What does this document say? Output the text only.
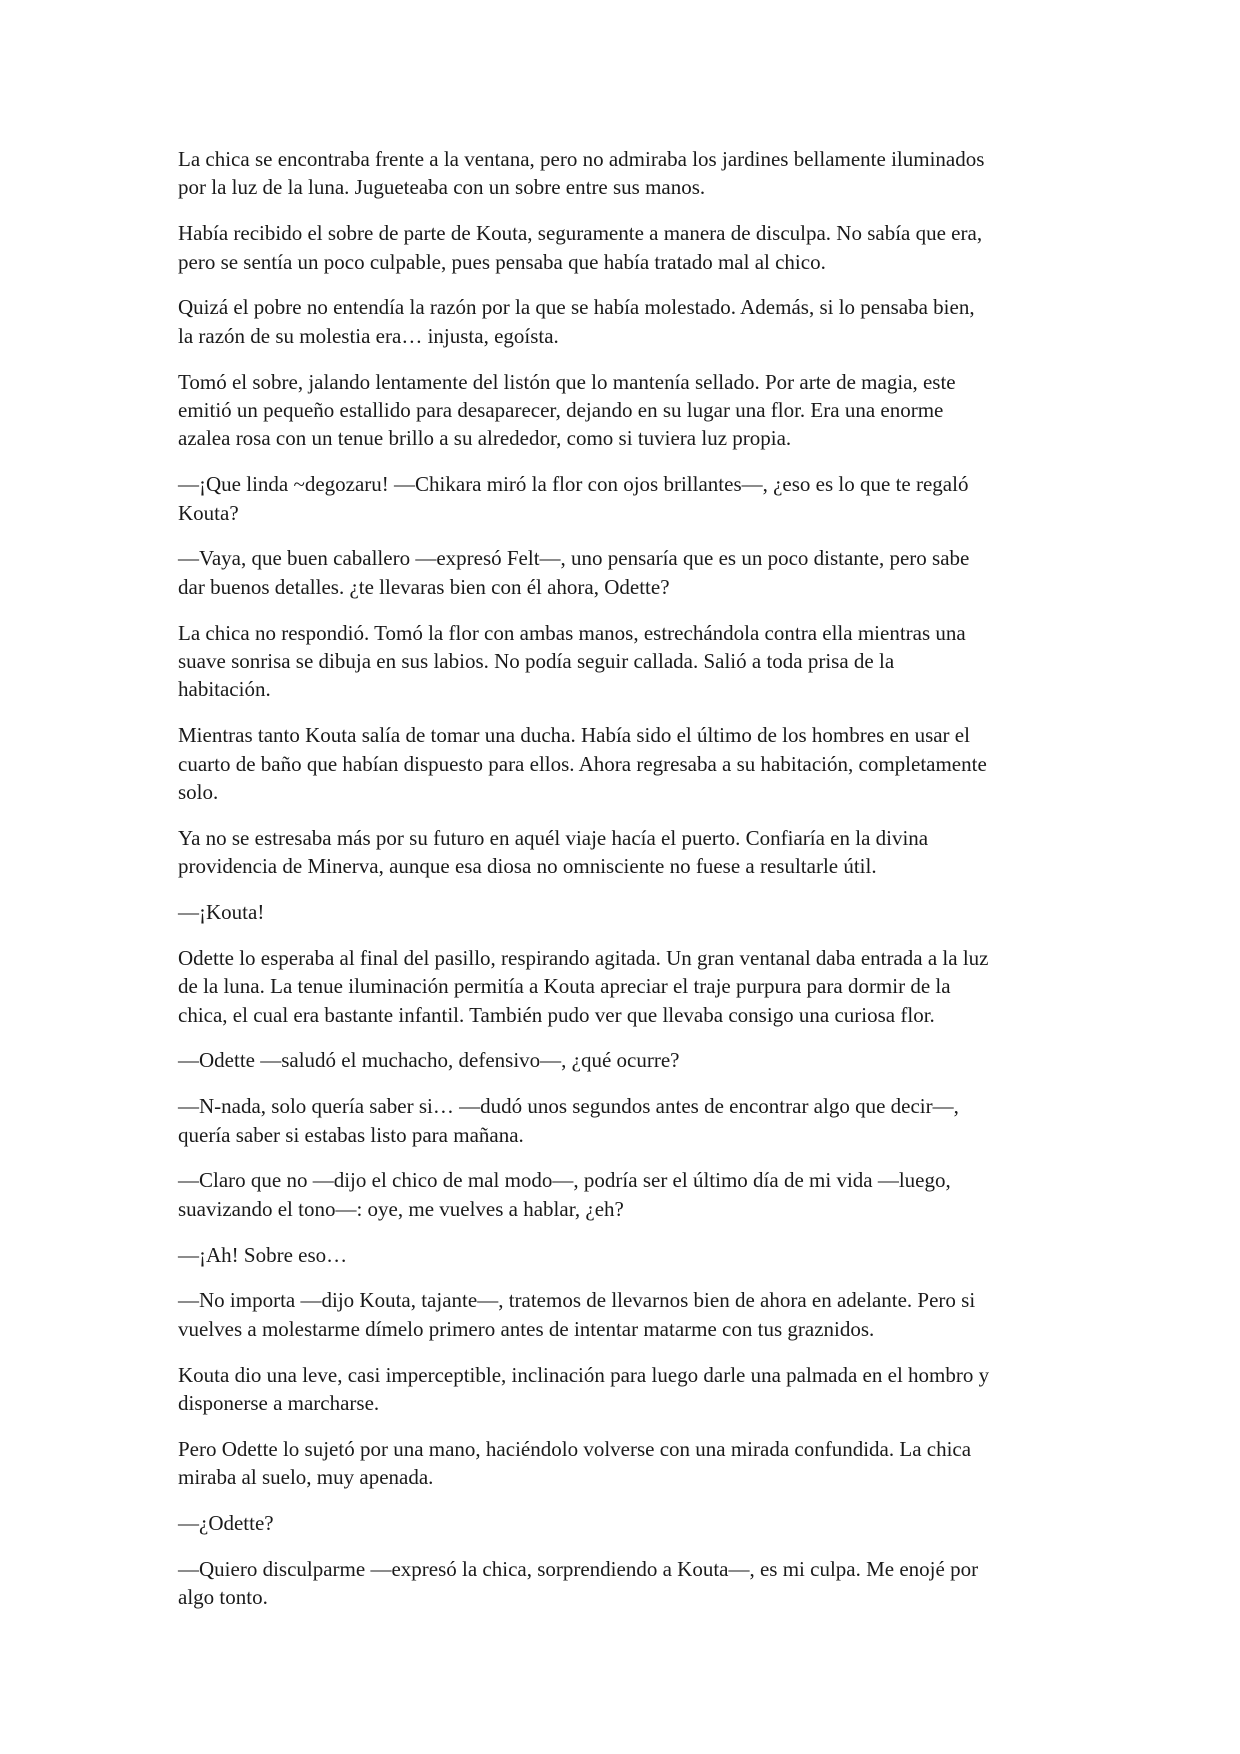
La chica se encontraba frente a la ventana, pero no admiraba los jardines bellamente iluminados
por la luz de la luna. Jugueteaba con un sobre entre sus manos.

Había recibido el sobre de parte de Kouta, seguramente a manera de disculpa. No sabía que era,
pero se sentía un poco culpable, pues pensaba que había tratado mal al chico.

Quizá el pobre no entendía la razón por la que se había molestado. Además, si lo pensaba bien,
la razón de su molestia era… injusta, egoísta.

Tomó el sobre, jalando lentamente del listón que lo mantenía sellado. Por arte de magia, este
emitió un pequeño estallido para desaparecer, dejando en su lugar una flor. Era una enorme
azalea rosa con un tenue brillo a su alrededor, como si tuviera luz propia.

—¡Que linda ~degozaru! —Chikara miró la flor con ojos brillantes—, ¿eso es lo que te regaló
Kouta?

—Vaya, que buen caballero —expresó Felt—, uno pensaría que es un poco distante, pero sabe
dar buenos detalles. ¿te llevaras bien con él ahora, Odette?

La chica no respondió. Tomó la flor con ambas manos, estrechándola contra ella mientras una
suave sonrisa se dibuja en sus labios. No podía seguir callada. Salió a toda prisa de la
habitación.

Mientras tanto Kouta salía de tomar una ducha. Había sido el último de los hombres en usar el
cuarto de baño que habían dispuesto para ellos. Ahora regresaba a su habitación, completamente
solo.

Ya no se estresaba más por su futuro en aquél viaje hacía el puerto. Confiaría en la divina
providencia de Minerva, aunque esa diosa no omnisciente no fuese a resultarle útil.

—¡Kouta!

Odette lo esperaba al final del pasillo, respirando agitada. Un gran ventanal daba entrada a la luz
de la luna. La tenue iluminación permitía a Kouta apreciar el traje purpura para dormir de la
chica, el cual era bastante infantil. También pudo ver que llevaba consigo una curiosa flor.

—Odette —saludó el muchacho, defensivo—, ¿qué ocurre?

—N-nada, solo quería saber si… —dudó unos segundos antes de encontrar algo que decir—,
quería saber si estabas listo para mañana.

—Claro que no —dijo el chico de mal modo—, podría ser el último día de mi vida —luego,
suavizando el tono—: oye, me vuelves a hablar, ¿eh?

—¡Ah! Sobre eso…

—No importa —dijo Kouta, tajante—, tratemos de llevarnos bien de ahora en adelante. Pero si
vuelves a molestarme dímelo primero antes de intentar matarme con tus graznidos.

Kouta dio una leve, casi imperceptible, inclinación para luego darle una palmada en el hombro y
disponerse a marcharse.

Pero Odette lo sujetó por una mano, haciéndolo volverse con una mirada confundida. La chica
miraba al suelo, muy apenada.

—¿Odette?

—Quiero disculparme —expresó la chica, sorprendiendo a Kouta—, es mi culpa. Me enojé por
algo tonto.
